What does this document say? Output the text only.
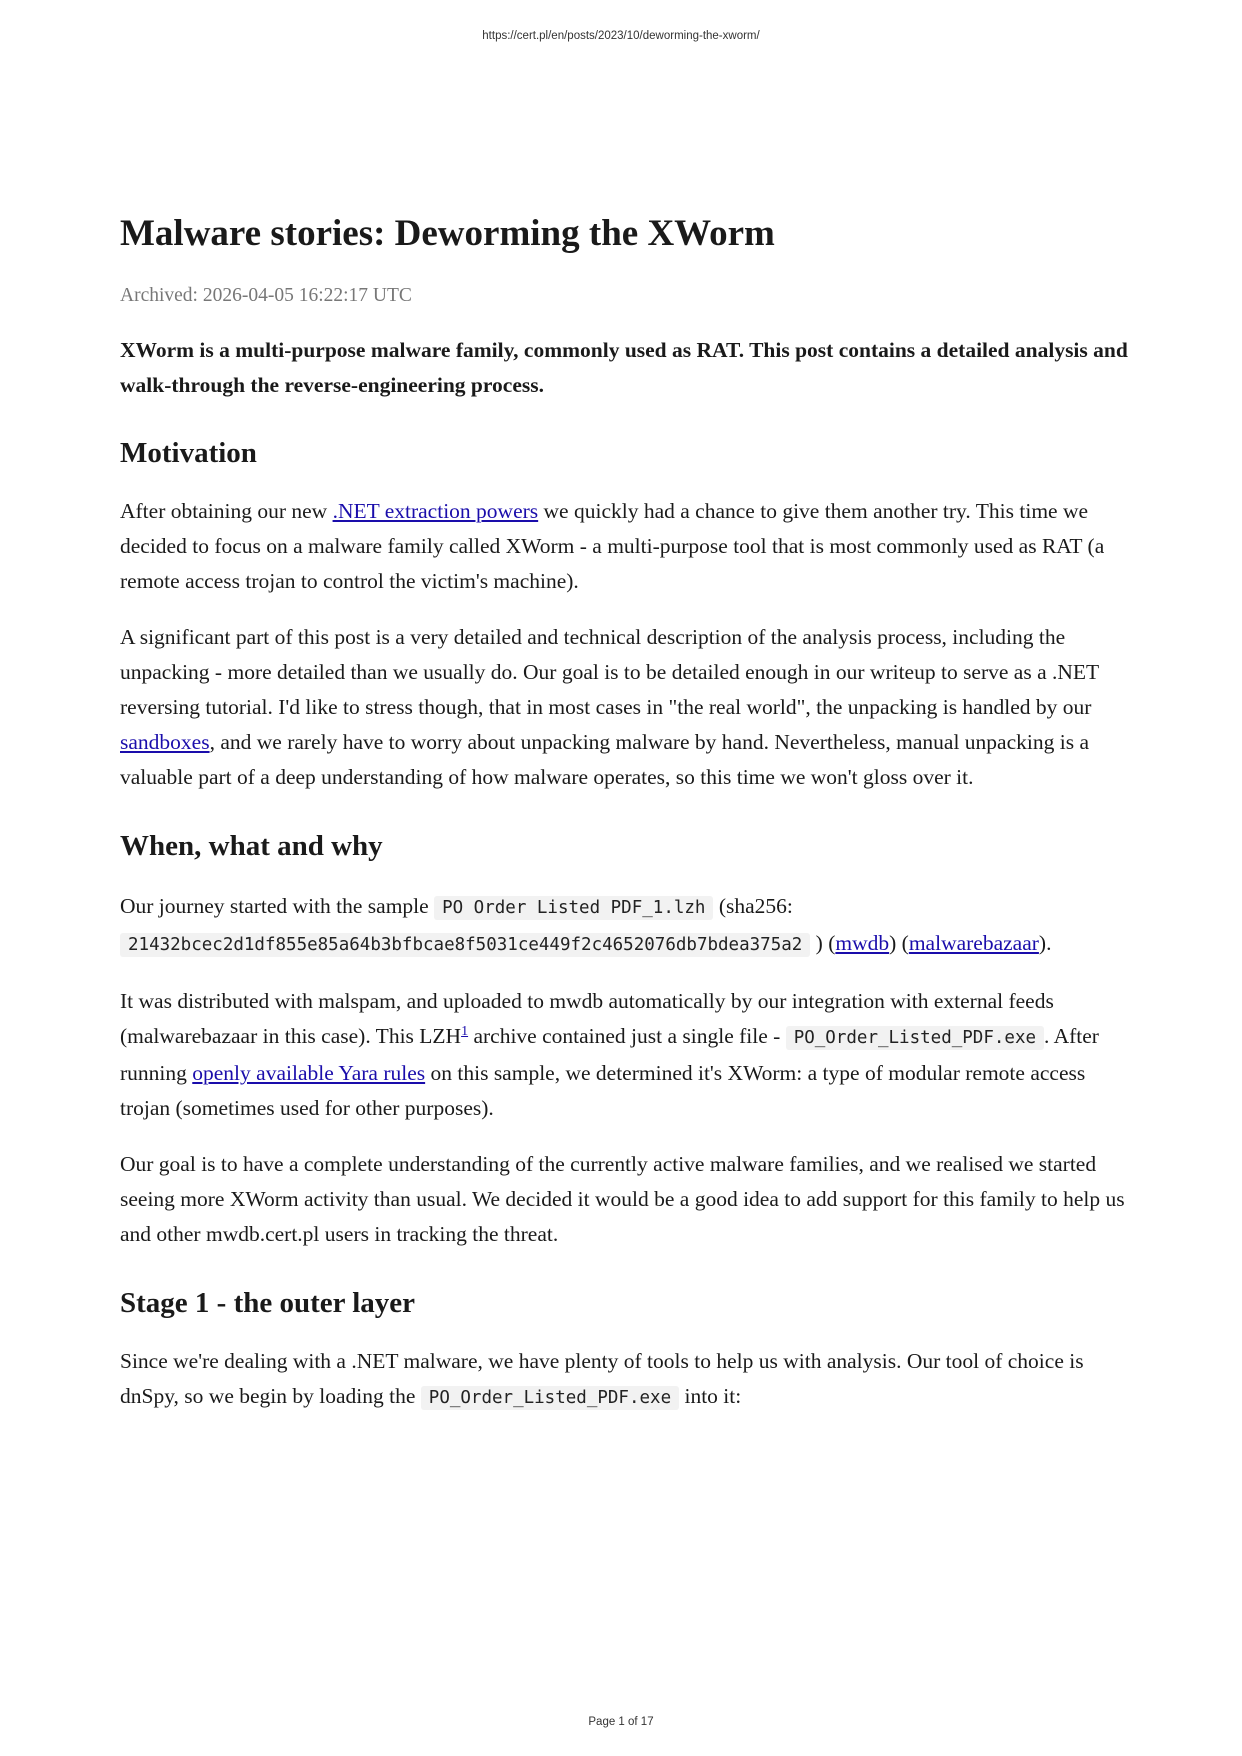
https://cert.pl/en/posts/2023/10/deworming-the-xworm/
Malware stories: Deworming the XWorm
Archived: 2026-04-05 16:22:17 UTC
XWorm is a multi-purpose malware family, commonly used as RAT. This post contains a detailed analysis and walk-through the reverse-engineering process.
Motivation

After obtaining our new .NET extraction powers we quickly had a chance to give them another try. This time we decided to focus on a malware family called XWorm - a multi-purpose tool that is most commonly used as RAT (a remote access trojan to control the victim's machine).

A significant part of this post is a very detailed and technical description of the analysis process, including the unpacking - more detailed than we usually do. Our goal is to be detailed enough in our writeup to serve as a .NET reversing tutorial. I'd like to stress though, that in most cases in "the real world", the unpacking is handled by our sandboxes, and we rarely have to worry about unpacking malware by hand. Nevertheless, manual unpacking is a valuable part of a deep understanding of how malware operates, so this time we won't gloss over it.

When, what and why

Our journey started with the sample PO Order Listed PDF_1.lzh (sha256: 21432bcec2d1df855e85a64b3bfbcae8f5031ce449f2c4652076db7bdea375a2 ) (mwdb) (malwarebazaar).

It was distributed with malspam, and uploaded to mwdb automatically by our integration with external feeds (malwarebazaar in this case). This LZH$^1$ archive contained just a single file - PO_Order_Listed_PDF.exe . After running openly available Yara rules on this sample, we determined it's XWorm: a type of modular remote access trojan (sometimes used for other purposes).

Our goal is to have a complete understanding of the currently active malware families, and we realised we started seeing more XWorm activity than usual. We decided it would be a good idea to add support for this family to help us and other mwdb.cert.pl users in tracking the threat.

Stage 1 - the outer layer

Since we're dealing with a .NET malware, we have plenty of tools to help us with analysis. Our tool of choice is dnSpy, so we begin by loading the PO_Order_Listed_PDF.exe into it:

Page 1 of 17
